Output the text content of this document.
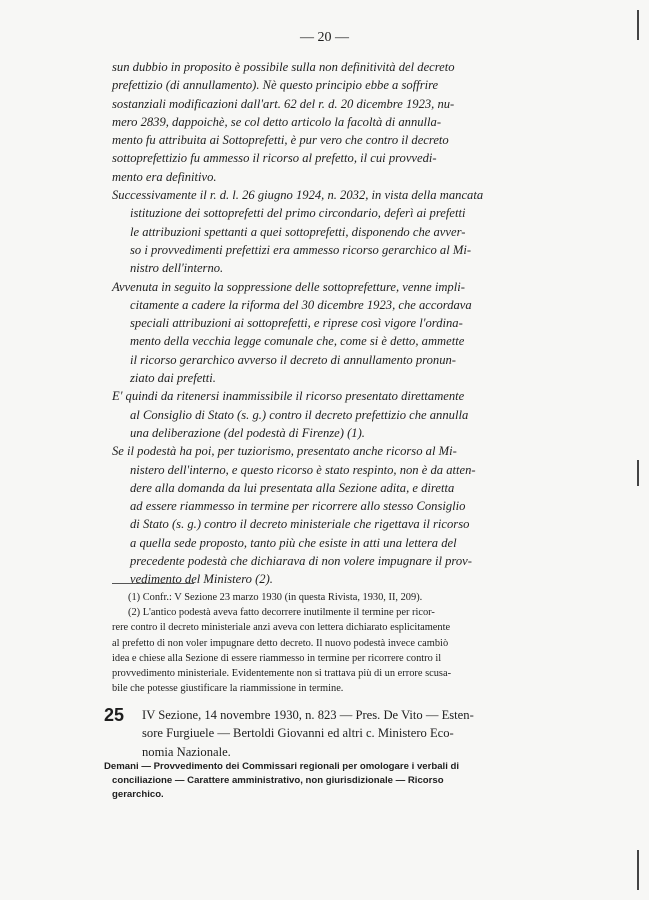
— 20 —
sun dubbio in proposito è possibile sulla non definitività del decreto
prefettizio (di annullamento). Nè questo principio ebbe a soffrire
sostanziali modificazioni dall'art. 62 del r. d. 20 dicembre 1923, nu-
mero 2839, dappoichè, se col detto articolo la facoltà di annulla-
mento fu attribuita ai Sottoprefetti, è pur vero che contro il decreto
sottoprefettizio fu ammesso il ricorso al prefetto, il cui provvedi-
mento era definitivo.
Successivamente il r. d. l. 26 giugno 1924, n. 2032, in vista della mancata
istituzione dei sottoprefetti del primo circondario, deferì ai prefetti
le attribuzioni spettanti a quei sottoprefetti, disponendo che avver-
so i provvedimenti prefettizi era ammesso ricorso gerarchico al Mi-
nistro dell'interno.
Avvenuta in seguito la soppressione delle sottoprefetture, venne impli-
citamente a cadere la riforma del 30 dicembre 1923, che accordava
speciali attribuzioni ai sottoprefetti, e riprese così vigore l'ordina-
mento della vecchia legge comunale che, come si è detto, ammette
il ricorso gerarchico avverso il decreto di annullamento pronun-
ziato dai prefetti.
E' quindi da ritenersi inammissibile il ricorso presentato direttamente
al Consiglio di Stato (s. g.) contro il decreto prefettizio che annulla
una deliberazione (del podestà di Firenze) (1).
Se il podestà ha poi, per tuziorismo, presentato anche ricorso al Mi-
nistero dell'interno, e questo ricorso è stato respinto, non è da atten-
dere alla domanda da lui presentata alla Sezione adita, e diretta
ad essere riammesso in termine per ricorrere allo stesso Consiglio
di Stato (s. g.) contro il decreto ministeriale che rigettava il ricorso
a quella sede proposto, tanto più che esiste in atti una lettera del
precedente podestà che dichiarava di non volere impugnare il prov-
vedimento del Ministero (2).
(1) Confr.: V Sezione 23 marzo 1930 (in questa Rivista, 1930, II, 209).
(2) L'antico podestà aveva fatto decorrere inutilmente il termine per ricor-
rere contro il decreto ministeriale anzi aveva con lettera dichiarato esplicitamente
al prefetto di non voler impugnare detto decreto. Il nuovo podestà invece cambiò
idea e chiese alla Sezione di essere riammesso in termine per ricorrere contro il
provvedimento ministeriale. Evidentemente non si trattava più di un errore scusa-
bile che potesse giustificare la riammissione in termine.
25 IV Sezione, 14 novembre 1930, n. 823 — Pres. De Vito — Esten-
sore Furgiuele — Bertoldi Giovanni ed altri c. Ministero Eco-
nomia Nazionale.
Demani — Provvedimento dei Commissari regionali per omologare i verbali di
conciliazione — Carattere amministrativo, non giurisdizionale — Ricorso
gerarchico.
